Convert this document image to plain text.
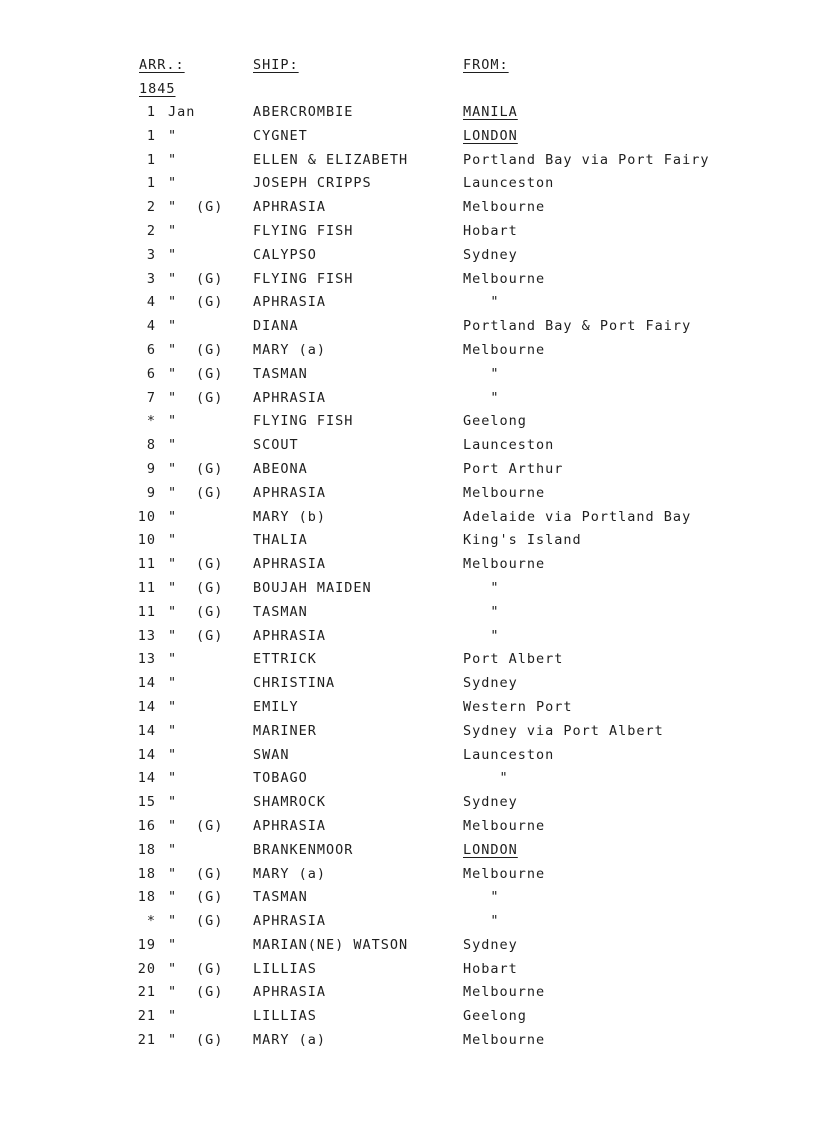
ARR.:	SHIP:	FROM:
1845
1 Jan	ABERCROMBIE	MANILA
1 "	CYGNET	LONDON
1 "	ELLEN & ELIZABETH	Portland Bay via Port Fairy
1 "	JOSEPH CRIPPS	Launceston
2 " (G) APHRASIA	Melbourne
2 "	FLYING FISH	Hobart
3 "	CALYPSO	Sydney
3 " (G) FLYING FISH	Melbourne
4 " (G) APHRASIA	"
4 "	DIANA	Portland Bay & Port Fairy
6 " (G) MARY (a)	Melbourne
6 " (G) TASMAN	"
7 " (G) APHRASIA	"
* "	FLYING FISH	Geelong
8 "	SCOUT	Launceston
9 " (G) ABEONA	Port Arthur
9 " (G) APHRASIA	Melbourne
10 "	MARY (b)	Adelaide via Portland Bay
10 "	THALIA	King's Island
11 " (G) APHRASIA	Melbourne
11 " (G) BOUJAH MAIDEN	"
11 " (G) TASMAN	"
13 " (G) APHRASIA	"
13 "	ETTRICK	Port Albert
14 "	CHRISTINA	Sydney
14 "	EMILY	Western Port
14 "	MARINER	Sydney via Port Albert
14 "	SWAN	Launceston
14 "	TOBAGO	"
15 "	SHAMROCK	Sydney
16 " (G) APHRASIA	Melbourne
18 "	BRANKENMOOR	LONDON
18 " (G) MARY (a)	Melbourne
18 " (G) TASMAN	"
* " (G) APHRASIA	"
19 "	MARIAN(NE) WATSON	Sydney
20 " (G) LILLIAS	Hobart
21 " (G) APHRASIA	Melbourne
21 "	LILLIAS	Geelong
21 " (G) MARY (a)	Melbourne
